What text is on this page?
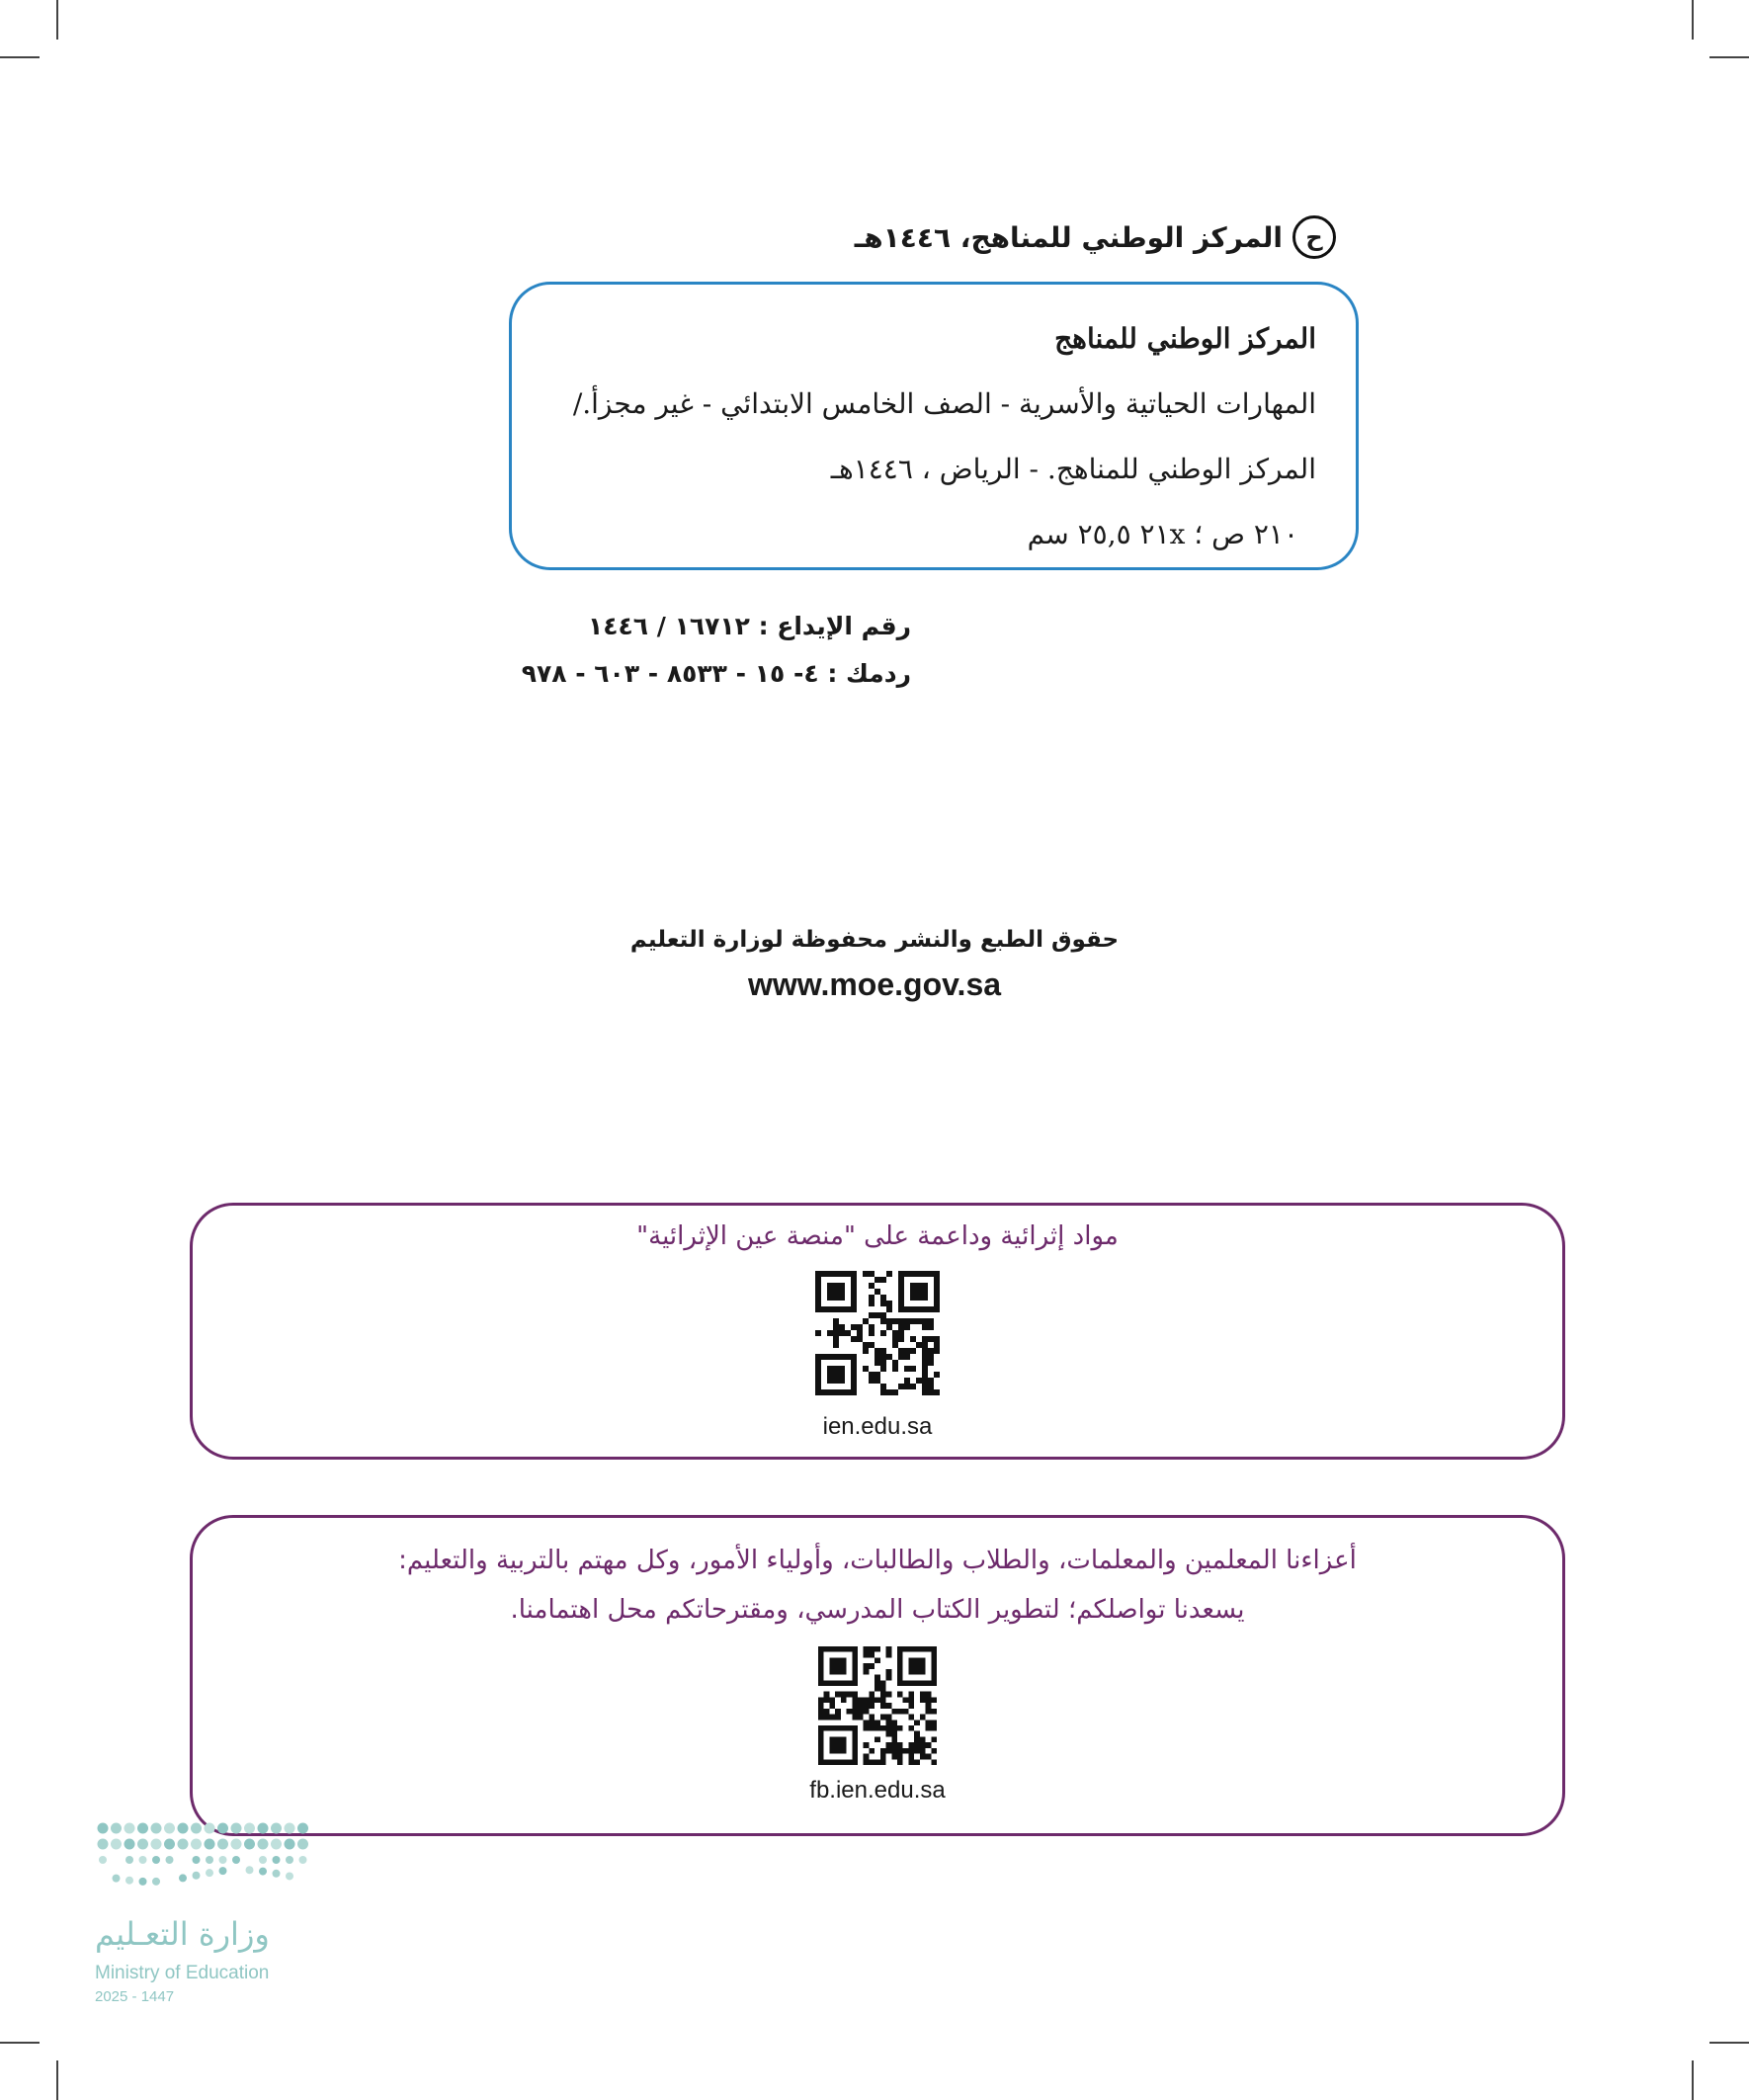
ح
المركز الوطني للمناهج، ١٤٤٦هـ
المركز الوطني للمناهج
المهارات الحياتية والأسرية - الصف الخامس الابتدائي - غير مجزأ./
المركز الوطني للمناهج. - الرياض ، ١٤٤٦هـ
٢١٠ ص ؛ ٢١x ٢٥,٥ سم
رقم الإيداع : ١٦٧١٢ / ١٤٤٦
ردمك : ٤- ١٥ - ٨٥٣٣ - ٦٠٣ - ٩٧٨
حقوق الطبع والنشر محفوظة لوزارة التعليم
www.moe.gov.sa
مواد إثرائية وداعمة على "منصة عين الإثرائية"
ien.edu.sa
أعزاءنا المعلمين والمعلمات، والطلاب والطالبات، وأولياء الأمور، وكل مهتم بالتربية والتعليم:
يسعدنا تواصلكم؛ لتطوير الكتاب المدرسي، ومقترحاتكم محل اهتمامنا.
fb.ien.edu.sa
وزارة التعـليم
Ministry of Education
2025 - 1447
